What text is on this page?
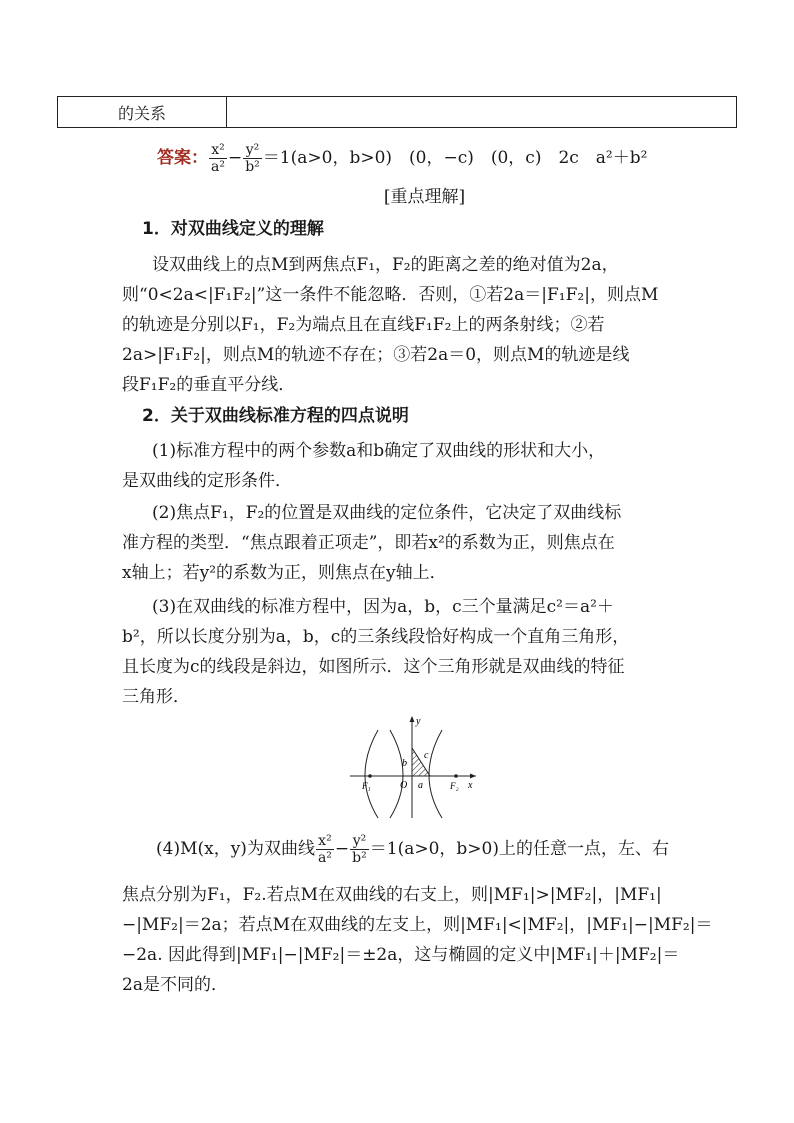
的关系	
答案： $\frac{\text{x²}}{\text{a²}} - \frac{\text{y²}}{\text{b²}} =1(a>0$，b>0)　(0，−c)　(0，c)　2c　a²＋b²
[重点理解]
1．对双曲线定义的理解
设双曲线上的点M到两焦点F₁，F₂的距离之差的绝对值为2a，
则“0<2a<|F₁F₂|”这一条件不能忽略．否则，①若2a＝|F₁F₂|，则点M
的轨迹是分别以F₁，F₂为端点且在直线F₁F₂上的两条射线；②若
2a>|F₁F₂|，则点M的轨迹不存在；③若2a＝0，则点M的轨迹是线
段F₁F₂的垂直平分线．
2．关于双曲线标准方程的四点说明
(1)标准方程中的两个参数a和b确定了双曲线的形状和大小，
是双曲线的定形条件．
(2)焦点F₁，F₂的位置是双曲线的定位条件，它决定了双曲线标
准方程的类型．“焦点跟着正项走”，即若x²的系数为正，则焦点在
x轴上；若y²的系数为正，则焦点在y轴上．
(3)在双曲线的标准方程中，因为a，b，c三个量满足c²＝a²＋
b²，所以长度分别为a，b，c的三条线段恰好构成一个直角三角形，
且长度为c的线段是斜边，如图所示．这个三角形就是双曲线的特征
三角形．
y
x
O
b
c
a
F₁	F₂
(4)M(x，y)为双曲线 $\frac{\text{x²}}{\text{a²}} - \frac{\text{y²}}{\text{b²}} =1(a>0$，b>0)上的任意一点，左、右
焦点分别为F₁，F₂.若点M在双曲线的右支上，则|MF₁|>|MF₂|，|MF₁|
−|MF₂|＝2a；若点M在双曲线的左支上，则|MF₁|<|MF₂|，|MF₁|−|MF₂|＝
−2a. 因此得到|MF₁|−|MF₂|＝±2a，这与椭圆的定义中|MF₁|＋|MF₂|＝
2a是不同的．
